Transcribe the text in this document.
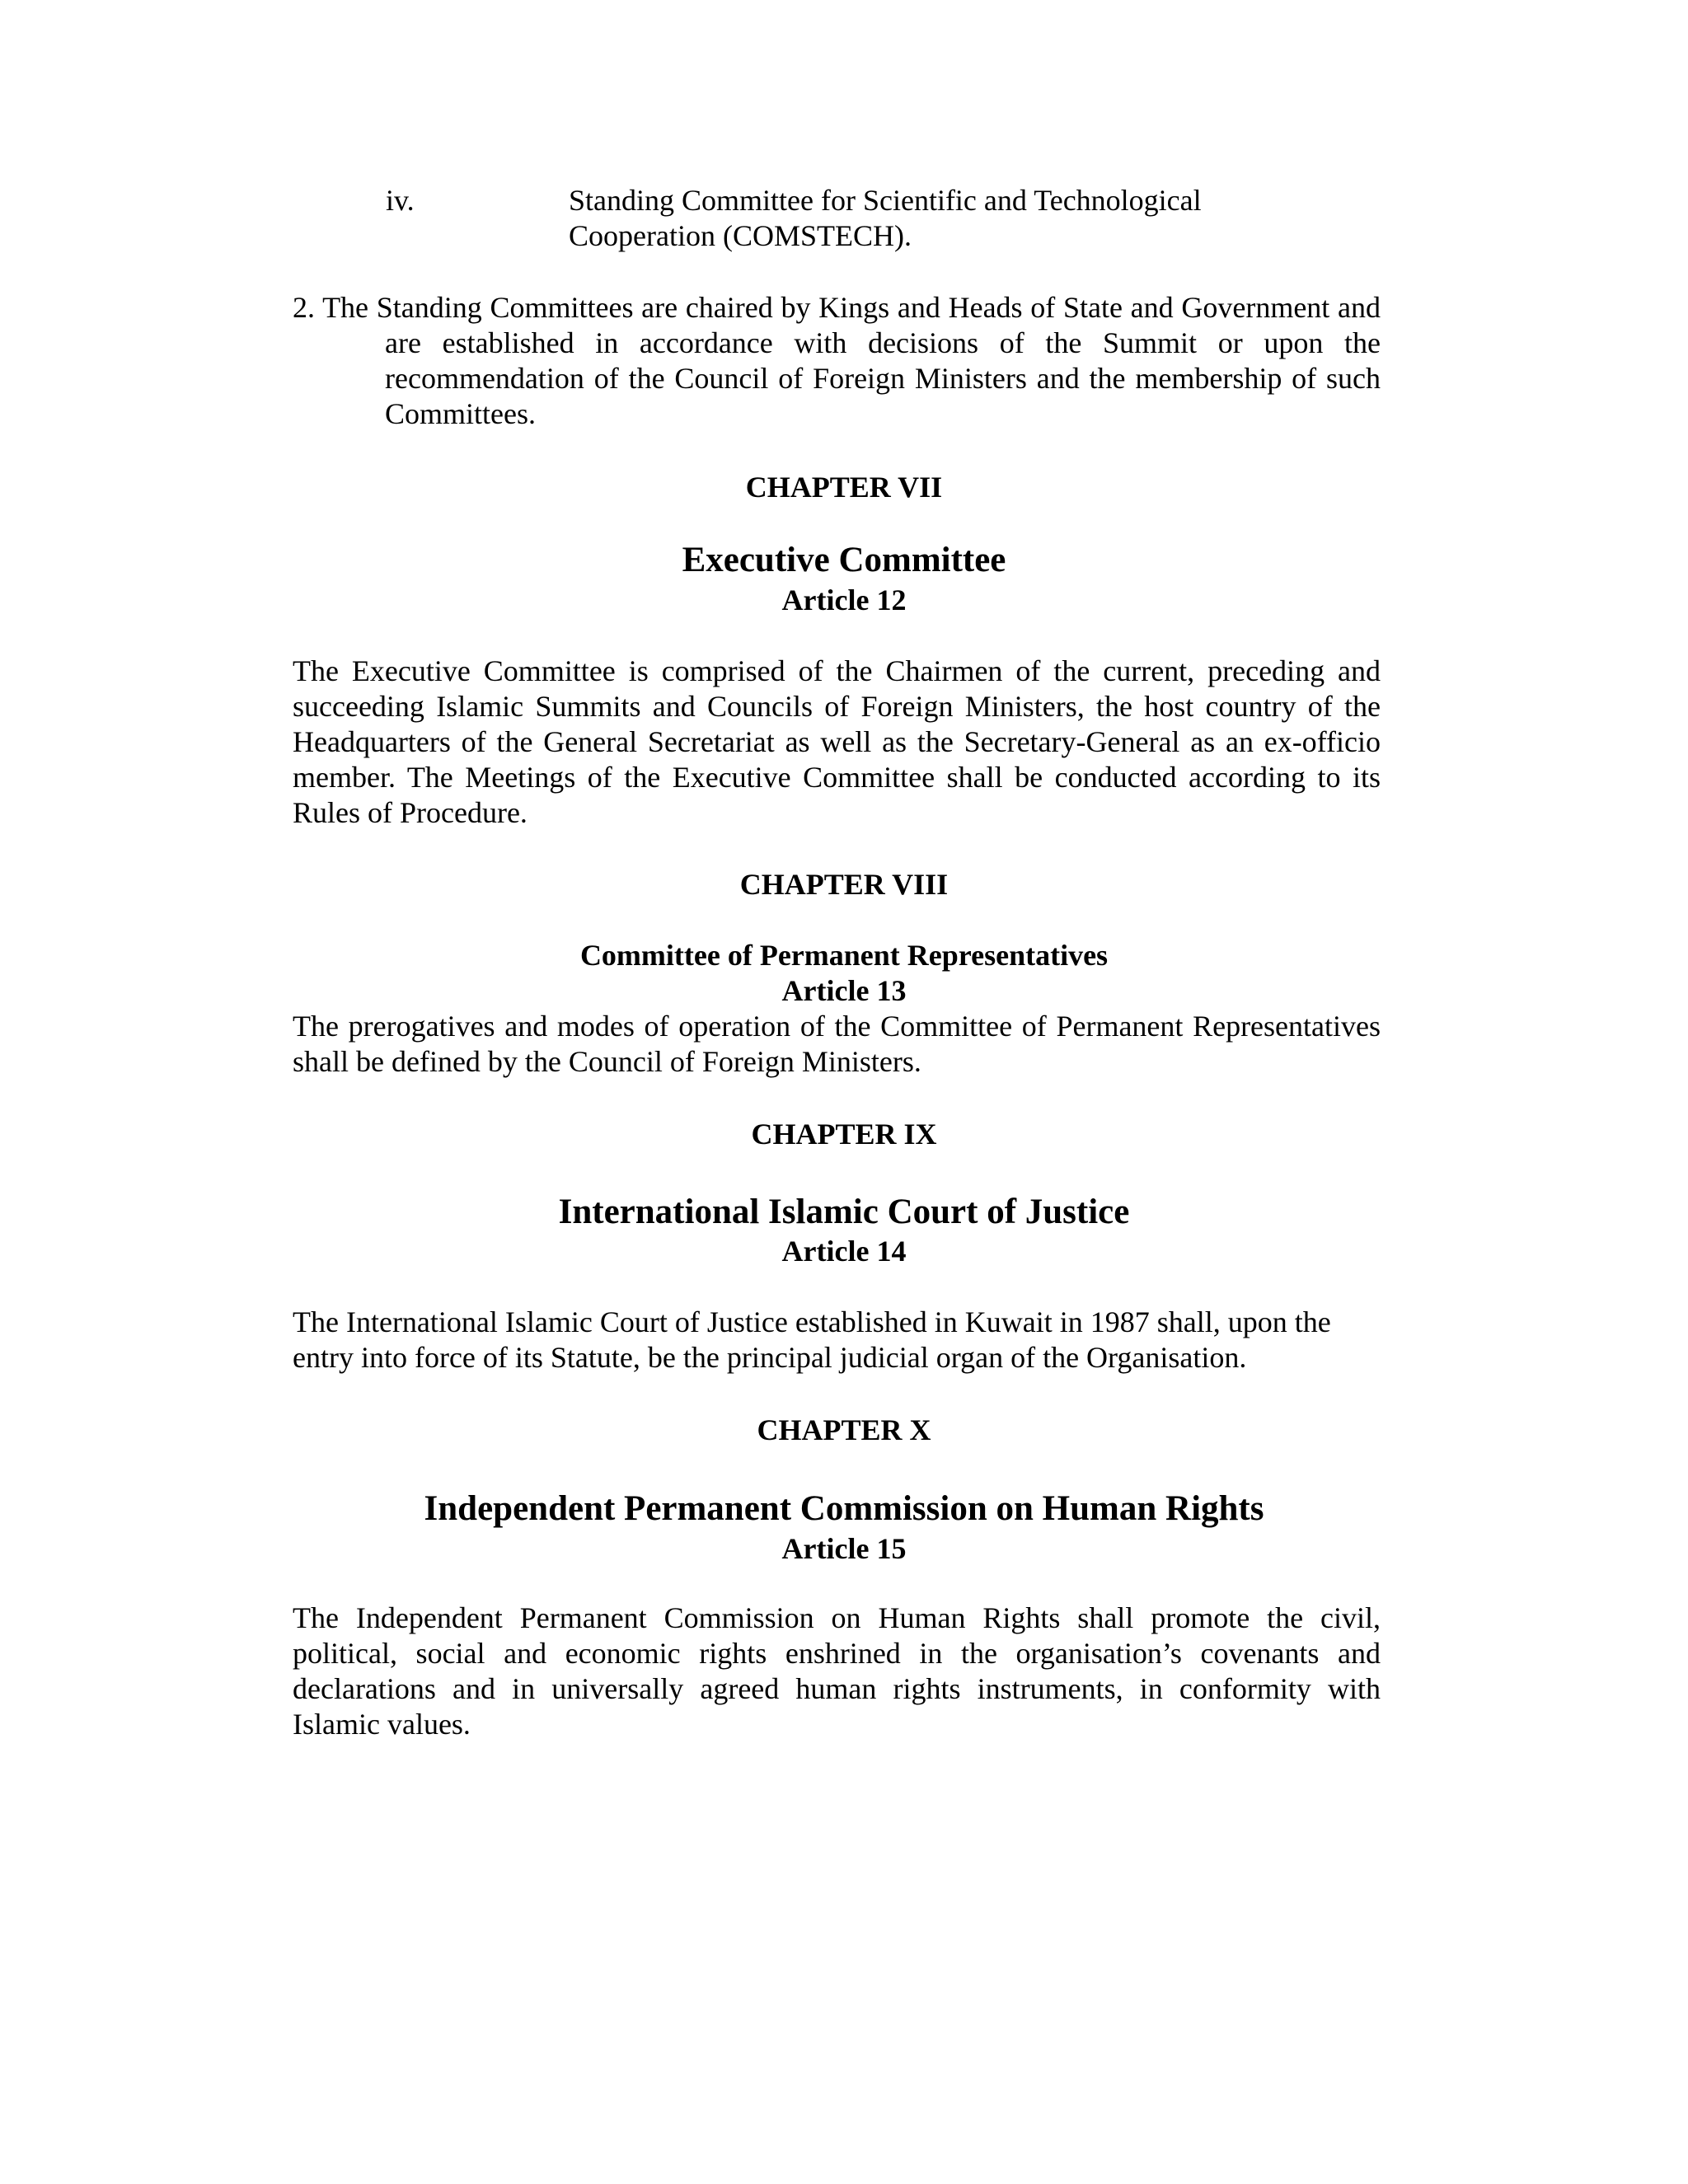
iv.	Standing Committee for Scientific and Technological Cooperation (COMSTECH).
2. The Standing Committees are chaired by Kings and Heads of State and Government and are established in accordance with decisions of the Summit or upon the recommendation of the Council of Foreign Ministers and the membership of such Committees.
CHAPTER VII
Executive Committee
Article 12
The Executive Committee is comprised of the Chairmen of the current, preceding and succeeding Islamic Summits and Councils of Foreign Ministers, the host country of the Headquarters of the General Secretariat as well as the Secretary-General as an ex-officio member. The Meetings of the Executive Committee shall be conducted according to its Rules of Procedure.
CHAPTER VIII
Committee of Permanent Representatives
Article 13
The prerogatives and modes of operation of the Committee of Permanent Representatives shall be defined by the Council of Foreign Ministers.
CHAPTER IX
International Islamic Court of Justice
Article 14
The International Islamic Court of Justice established in Kuwait in 1987 shall, upon the entry into force of its Statute, be the principal judicial organ of the Organisation.
CHAPTER X
Independent Permanent Commission on Human Rights
Article 15
The Independent Permanent Commission on Human Rights shall promote the civil, political, social and economic rights enshrined in the organisation’s covenants and declarations and in universally agreed human rights instruments, in conformity with Islamic values.
